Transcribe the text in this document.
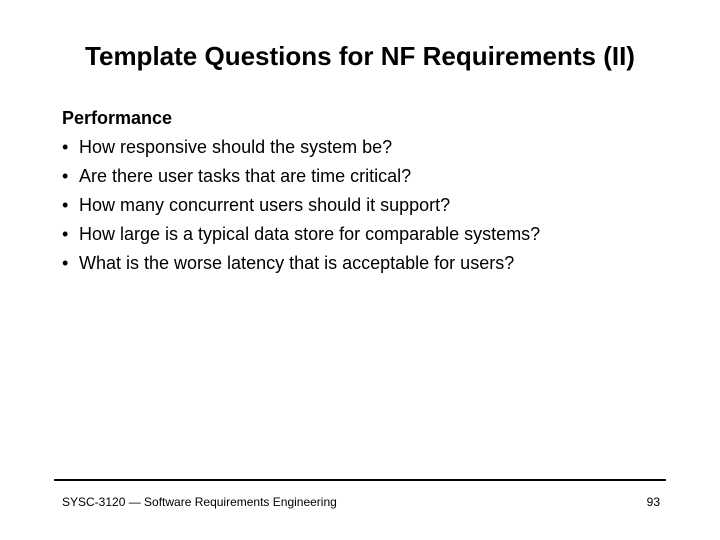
Template Questions for NF Requirements (II)
Performance
• How responsive should the system be?
• Are there user tasks that are time critical?
• How many concurrent users should it support?
• How large is a typical data store for comparable systems?
• What is the worse latency that is acceptable for users?
SYSC-3120 — Software Requirements Engineering	93
